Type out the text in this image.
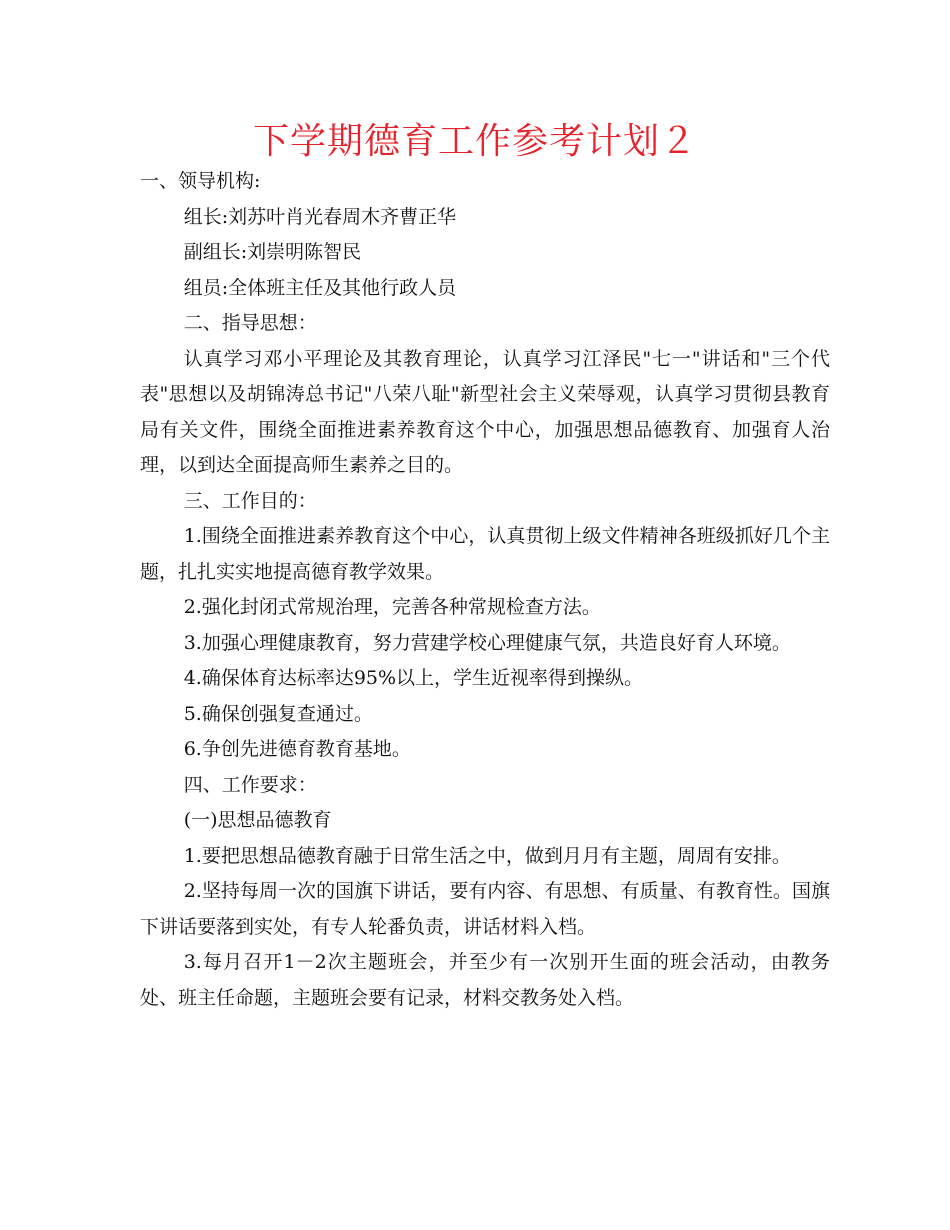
下学期德育工作参考计划２

一、领导机构:

组长:刘苏叶肖光春周木齐曹正华

副组长:刘崇明陈智民

组员:全体班主任及其他行政人员

二、指导思想：

认真学习邓小平理论及其教育理论，认真学习江泽民"七一"讲话和"三个代表"思想以及胡锦涛总书记"八荣八耻"新型社会主义荣辱观，认真学习贯彻县教育局有关文件，围绕全面推进素养教育这个中心，加强思想品德教育、加强育人治理，以到达全面提高师生素养之目的。

三、工作目的：

1.围绕全面推进素养教育这个中心，认真贯彻上级文件精神各班级抓好几个主题，扎扎实实地提高德育教学效果。

2.强化封闭式常规治理，完善各种常规检查方法。

3.加强心理健康教育，努力营建学校心理健康气氛，共造良好育人环境。

4.确保体育达标率达95%以上，学生近视率得到操纵。

5.确保创强复查通过。

6.争创先进德育教育基地。

四、工作要求：

(一)思想品德教育

1.要把思想品德教育融于日常生活之中，做到月月有主题，周周有安排。

2.坚持每周一次的国旗下讲话，要有内容、有思想、有质量、有教育性。国旗下讲话要落到实处，有专人轮番负责，讲话材料入档。

3.每月召开1－2次主题班会，并至少有一次别开生面的班会活动，由教务处、班主任命题，主题班会要有记录，材料交教务处入档。
